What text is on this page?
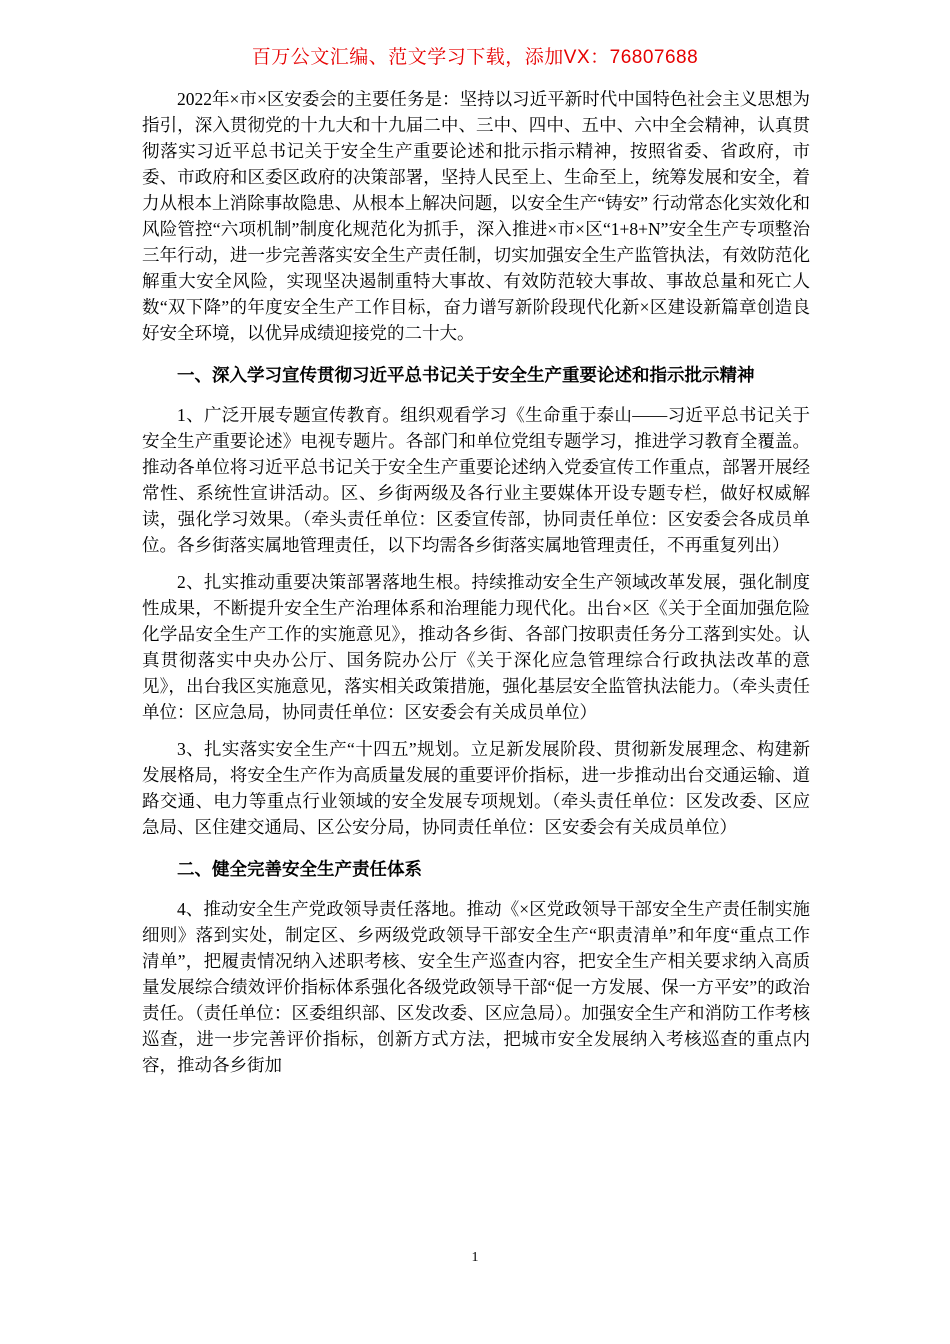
百万公文汇编、范文学习下载，添加VX：76807688

2022年×市×区安委会的主要任务是：坚持以习近平新时代中国特色社会主义思想为指引，深入贯彻党的十九大和十九届二中、三中、四中、五中、六中全会精神，认真贯彻落实习近平总书记关于安全生产重要论述和批示指示精神，按照省委、省政府，市委、市政府和区委区政府的决策部署，坚持人民至上、生命至上，统筹发展和安全，着力从根本上消除事故隐患、从根本上解决问题，以安全生产“铸安” 行动常态化实效化和风险管控“六项机制”制度化规范化为抓手，深入推进×市×区“1+8+N”安全生产专项整治三年行动，进一步完善落实安全生产责任制，切实加强安全生产监管执法，有效防范化解重大安全风险，实现坚决遏制重特大事故、有效防范较大事故、事故总量和死亡人数“双下降”的年度安全生产工作目标，奋力谱写新阶段现代化新×区建设新篇章创造良好安全环境，以优异成绩迎接党的二十大。

一、深入学习宣传贯彻习近平总书记关于安全生产重要论述和指示批示精神

1、广泛开展专题宣传教育。组织观看学习《生命重于泰山——习近平总书记关于安全生产重要论述》电视专题片。各部门和单位党组专题学习，推进学习教育全覆盖。推动各单位将习近平总书记关于安全生产重要论述纳入党委宣传工作重点，部署开展经常性、系统性宣讲活动。区、乡街两级及各行业主要媒体开设专题专栏，做好权威解读，强化学习效果。（牵头责任单位：区委宣传部，协同责任单位：区安委会各成员单位。各乡街落实属地管理责任，以下均需各乡街落实属地管理责任，不再重复列出）

2、扎实推动重要决策部署落地生根。持续推动安全生产领域改革发展，强化制度性成果，不断提升安全生产治理体系和治理能力现代化。出台×区《关于全面加强危险化学品安全生产工作的实施意见》，推动各乡街、各部门按职责任务分工落到实处。认真贯彻落实中央办公厅、国务院办公厅《关于深化应急管理综合行政执法改革的意见》，出台我区实施意见，落实相关政策措施，强化基层安全监管执法能力。（牵头责任单位：区应急局，协同责任单位：区安委会有关成员单位）

3、扎实落实安全生产“十四五”规划。立足新发展阶段、贯彻新发展理念、构建新发展格局，将安全生产作为高质量发展的重要评价指标，进一步推动出台交通运输、道路交通、电力等重点行业领域的安全发展专项规划。（牵头责任单位：区发改委、区应急局、区住建交通局、区公安分局，协同责任单位：区安委会有关成员单位）

二、健全完善安全生产责任体系

4、推动安全生产党政领导责任落地。推动《×区党政领导干部安全生产责任制实施细则》落到实处，制定区、乡两级党政领导干部安全生产“职责清单”和年度“重点工作清单”，把履责情况纳入述职考核、安全生产巡查内容，把安全生产相关要求纳入高质量发展综合绩效评价指标体系强化各级党政领导干部“促一方发展、保一方平安”的政治责任。（责任单位：区委组织部、区发改委、区应急局）。加强安全生产和消防工作考核巡查，进一步完善评价指标，创新方式方法，把城市安全发展纳入考核巡查的重点内容，推动各乡街加

1
